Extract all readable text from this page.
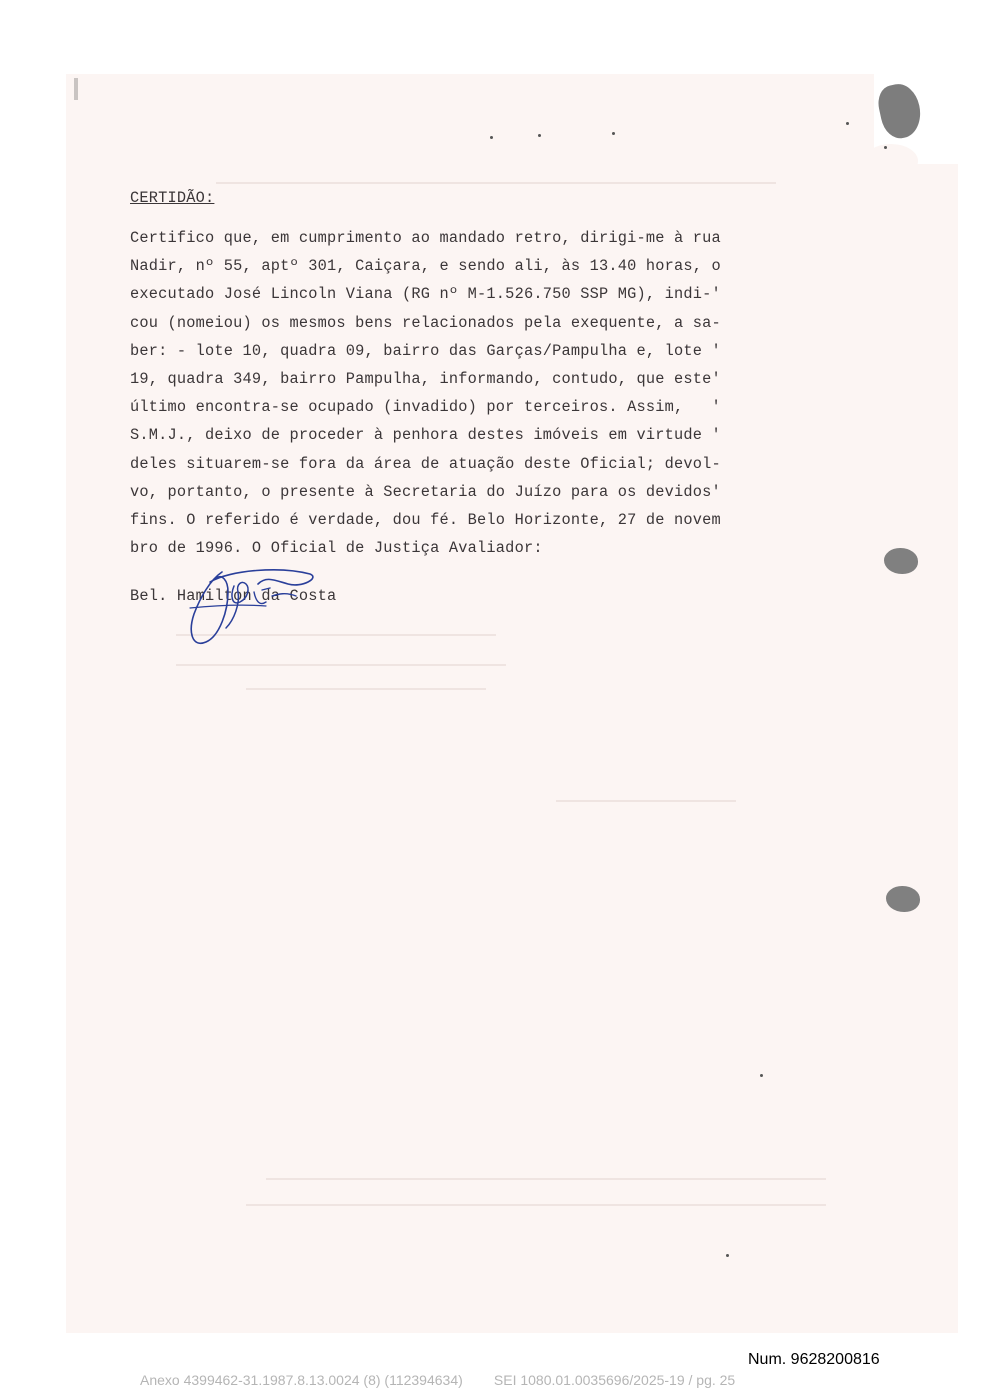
CERTIDÃO:
Certifico que, em cumprimento ao mandado retro, dirigi-me à rua
Nadir, nº 55, aptº 301, Caiçara, e sendo ali, às 13.40 horas, o
executado José Lincoln Viana (RG nº M-1.526.750 SSP MG), indi-'
cou (nomeiou) os mesmos bens relacionados pela exequente, a sa-
ber: - lote 10, quadra 09, bairro das Garças/Pampulha e, lote '
19, quadra 349, bairro Pampulha, informando, contudo, que este'
último encontra-se ocupado (invadido) por terceiros. Assim,   '
S.M.J., deixo de proceder à penhora destes imóveis em virtude '
deles situarem-se fora da área de atuação deste Oficial; devol-
vo, portanto, o presente à Secretaria do Juízo para os devidos'
fins. O referido é verdade, dou fé. Belo Horizonte, 27 de novem
bro de 1996. O Oficial de Justiça Avaliador:
Bel. Hamilton da Costa
Num. 9628200816
Anexo 4399462-31.1987.8.13.0024 (8) (112394634) SEI 1080.01.0035696/2025-19 / pg. 25
